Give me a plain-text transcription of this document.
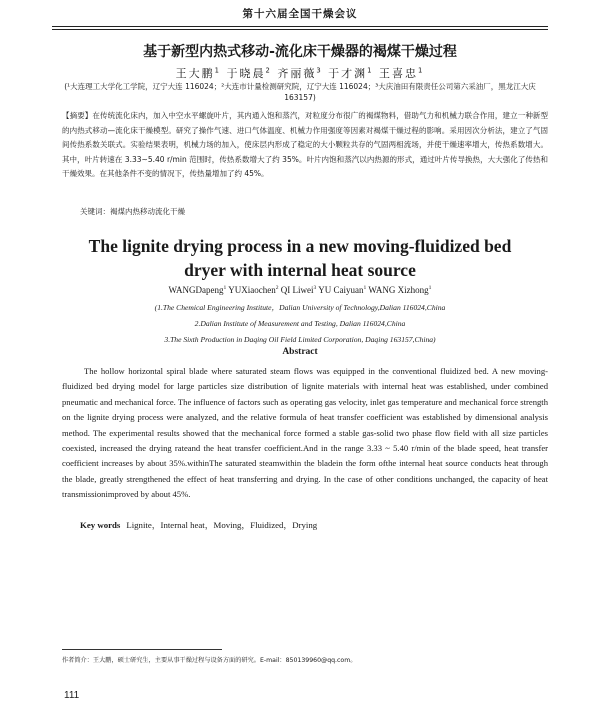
第十六届全国干燥会议
基于新型内热式移动-流化床干燥器的褐煤干燥过程
王大鹏$^1$ 于晓晨$^2$ 齐丽薇$^3$ 于才渊$^1$ 王喜忠$^1$
(¹大连理工大学化工学院，辽宁大连 116024；²大连市计量检测研究院，辽宁大连 116024；³大庆油田有限责任公司第六采油厂，黑龙江大庆 163157)
【摘要】在传统流化床内，加入中空水平螺旋叶片，其内通入饱和蒸汽，对粒度分布很广的褐煤物料，借助气力和机械力联合作用，建立一种新型的内热式移动—流化床干燥模型。研究了操作气速、进口气体温度、机械力作用强度等因素对褐煤干燥过程的影响。采用因次分析法，建立了气固间传热系数关联式。实验结果表明，机械力场的加入，使床层内形成了稳定的大小颗粒共存的气固两相流场，并使干燥速率增大，传热系数增大。其中，叶片转速在 3.33~5.40 r/min 范围时，传热系数增大了约 35%。叶片内饱和蒸汽以内热源的形式，通过叶片传导换热，大大强化了传热和干燥效果。在其他条件不变的情况下，传热量增加了约 45%。
关键词：褐煤内热移动流化干燥
The lignite drying process in a new moving-fluidized bed
dryer with internal heat source
WANGDapeng$^1$ YUXiaochen$^2$ QI Liwei$^3$ YU Caiyuan$^1$ WANG Xizhong$^1$
(1.The Chemical Engineering Institute，Dalian University of Technology,Dalian 116024,China
2.Dalian Institute of Measurement and Testing, Dalian 116024,China
3.The Sixth Production in Daqing Oil Field Limited Corporation, Daqing 163157,China)
Abstract
The hollow horizontal spiral blade where saturated steam flows was equipped in the conventional fluidized bed. A new moving-fluidized bed drying model for large particles size distribution of lignite materials with internal heat was established, under combined pneumatic and mechanical force. The influence of factors such as operating gas velocity, inlet gas temperature and mechanical force strength on the lignite drying process were analyzed, and the relative formula of heat transfer coefficient was established by dimensional analysis method. The experimental results showed that the mechanical force formed a stable gas-solid two phase flow field with all size particles coexisted, increased the drying rateand the heat transfer coefficient.And in the range 3.33 ~ 5.40 r/min of the blade speed, heat transfer coefficient increases by about 35%.withinThe saturated steamwithin the bladein the form ofthe internal heat source conducts heat through the blade, greatly strengthened the effect of heat transferring and drying. In the case of other conditions unchanged, the capacity of heat transmissionimproved by about 45%.
Key words Lignite，Internal heat，Moving，Fluidized，Drying
作者简介：王大鹏，硕士研究生，主要从事干燥过程与设备方面的研究。E-mail：850139960@qq.com。
111
